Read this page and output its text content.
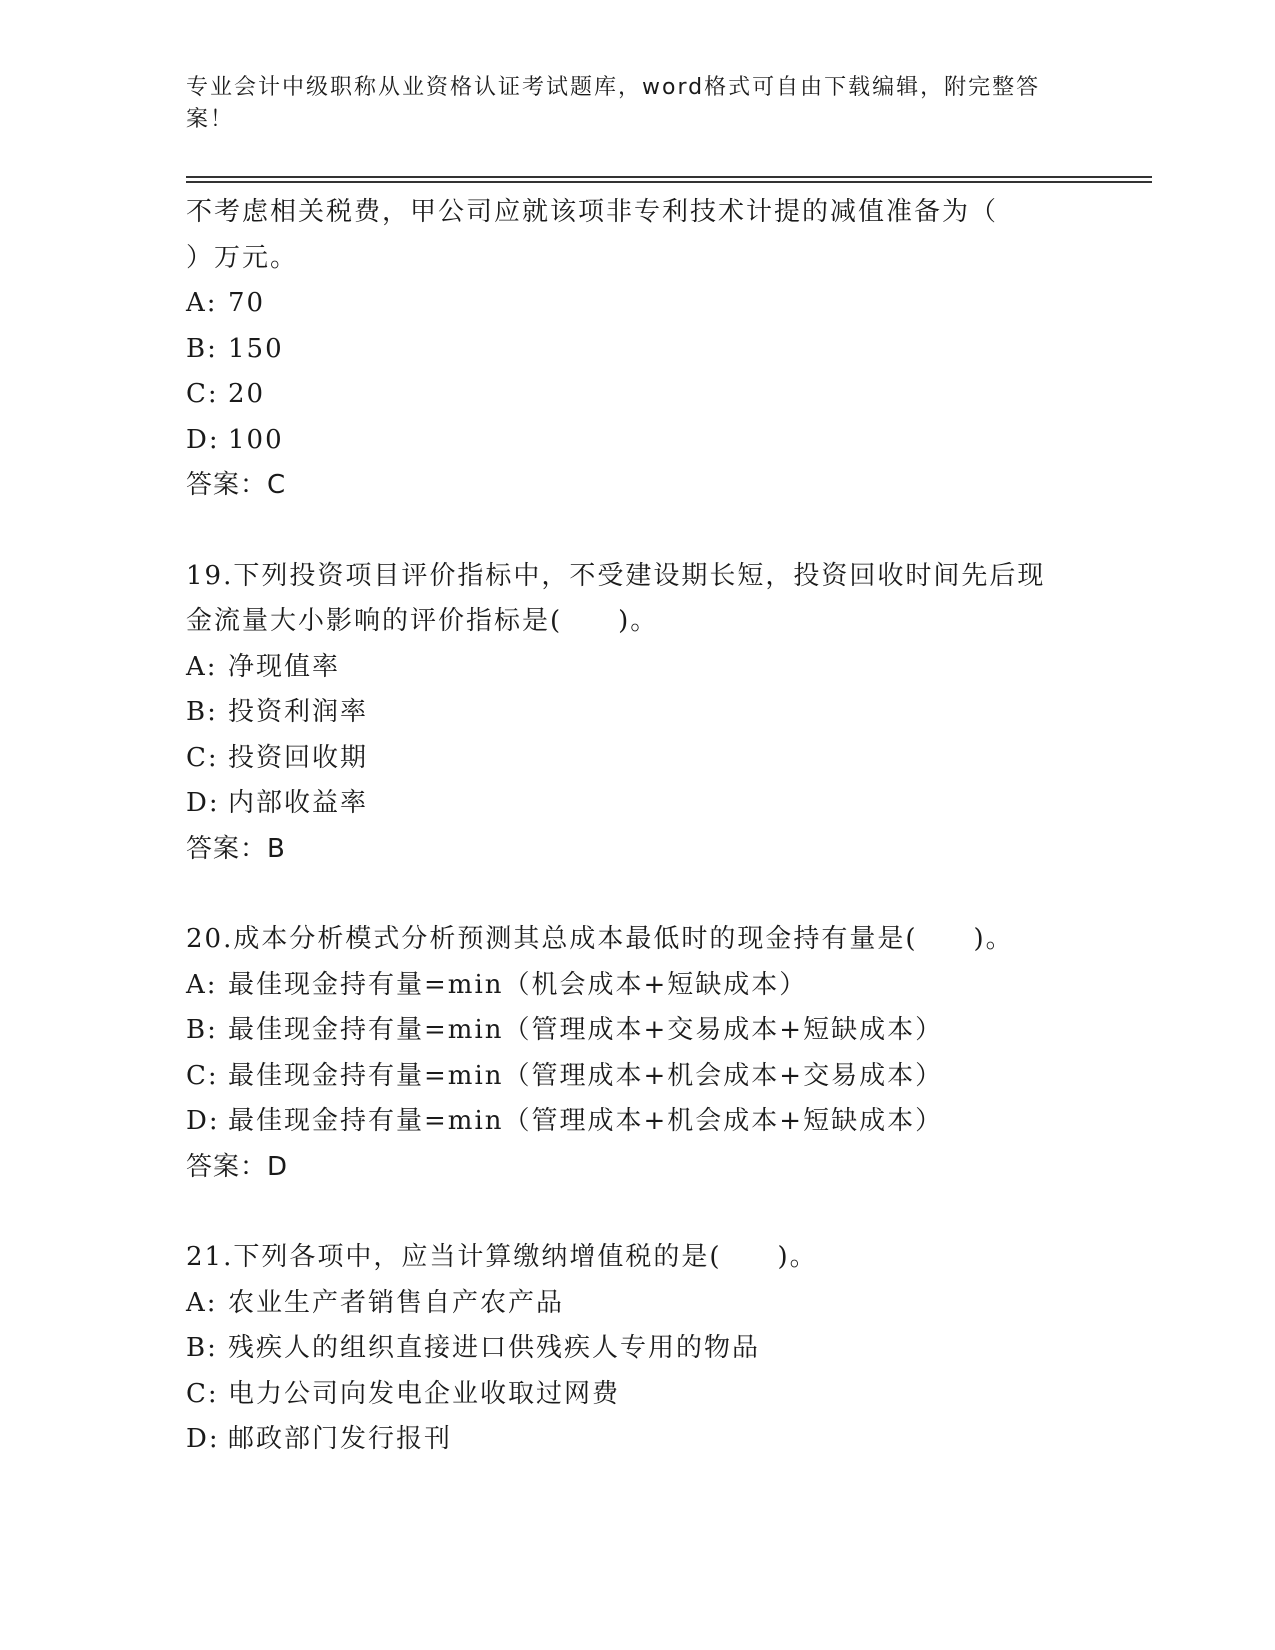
专业会计中级职称从业资格认证考试题库，word格式可自由下载编辑，附完整答
案！
不考虑相关税费，甲公司应就该项非专利技术计提的减值准备为（
）万元。
A: 70
B: 150
C: 20
D: 100
答案：C
19.下列投资项目评价指标中，不受建设期长短，投资回收时间先后现
金流量大小影响的评价指标是(　　)。
A: 净现值率
B: 投资利润率
C: 投资回收期
D: 内部收益率
答案：B
20.成本分析模式分析预测其总成本最低时的现金持有量是(　　)。
A: 最佳现金持有量=min（机会成本+短缺成本）
B: 最佳现金持有量=min（管理成本+交易成本+短缺成本）
C: 最佳现金持有量=min（管理成本+机会成本+交易成本）
D: 最佳现金持有量=min（管理成本+机会成本+短缺成本）
答案：D
21.下列各项中，应当计算缴纳增值税的是(　　)。
A: 农业生产者销售自产农产品
B: 残疾人的组织直接进口供残疾人专用的物品
C: 电力公司向发电企业收取过网费
D: 邮政部门发行报刊
